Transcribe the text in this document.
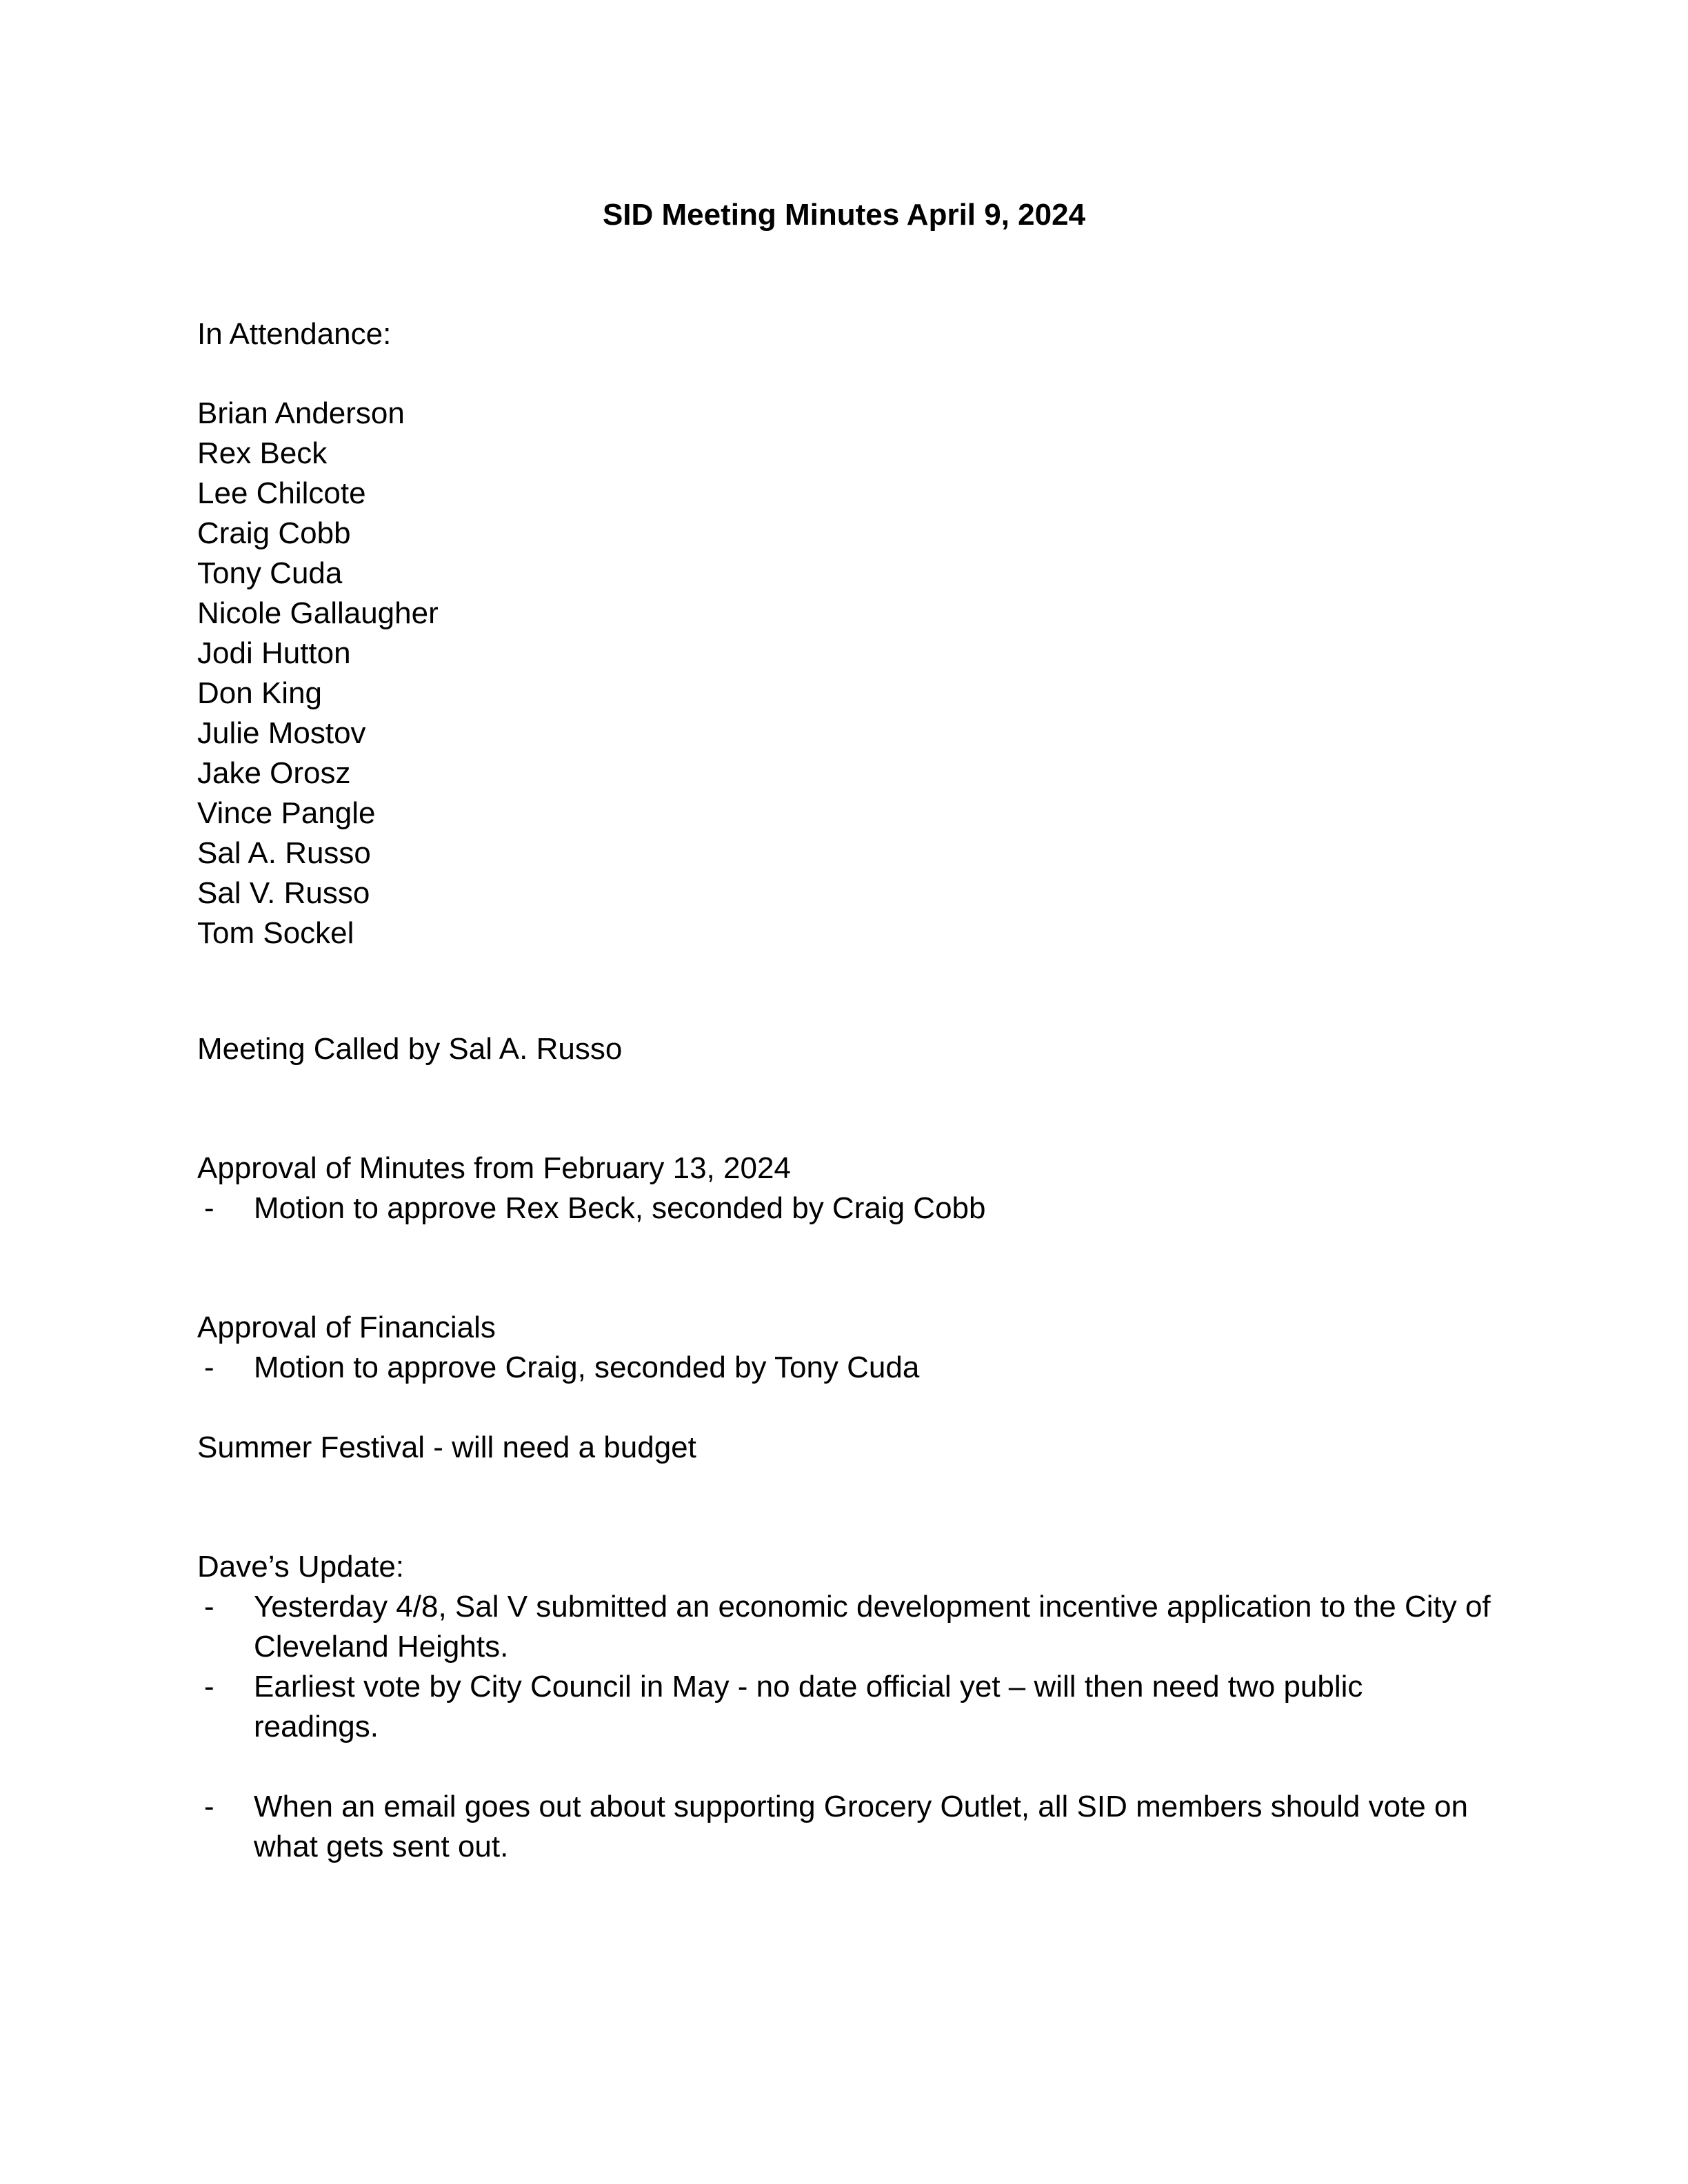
SID Meeting Minutes April 9, 2024
In Attendance:
Brian Anderson
Rex Beck
Lee Chilcote
Craig Cobb
Tony Cuda
Nicole Gallaugher
Jodi Hutton
Don King
Julie Mostov
Jake Orosz
Vince Pangle
Sal A. Russo
Sal V. Russo
Tom Sockel
Meeting Called by Sal A. Russo
Approval of Minutes from February 13, 2024
- Motion to approve Rex Beck, seconded by Craig Cobb
Approval of Financials
- Motion to approve Craig, seconded by Tony Cuda
Summer Festival - will need a budget
Dave’s Update:
- Yesterday 4/8, Sal V submitted an economic development incentive application to the City of Cleveland Heights.
- Earliest vote by City Council in May - no date official yet – will then need two public readings.
- When an email goes out about supporting Grocery Outlet, all SID members should vote on what gets sent out.
